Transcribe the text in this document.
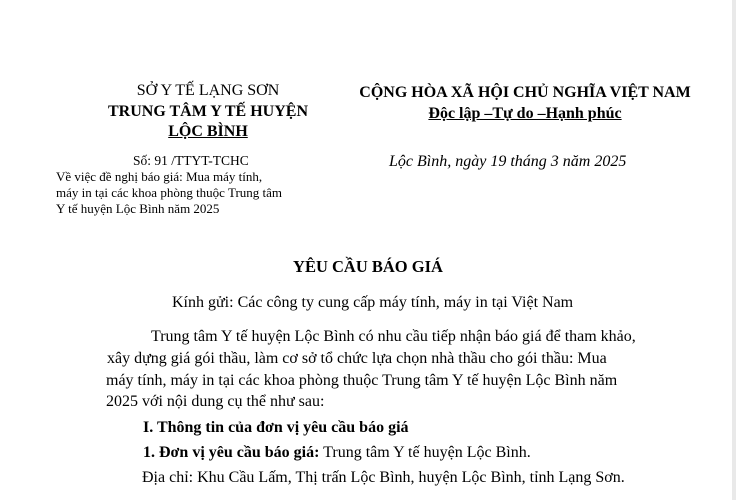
SỞ Y TẾ LẠNG SƠN
TRUNG TÂM Y TẾ HUYỆN
LỘC BÌNH
CỘNG HÒA XÃ HỘI CHỦ NGHĨA VIỆT NAM
Độc lập –Tự do –Hạnh phúc
Số: 91 /TTYT-TCHC
Về việc đề nghị báo giá: Mua máy tính,
máy in tại các khoa phòng thuộc Trung tâm
Y tế huyện Lộc Bình năm 2025
Lộc Bình, ngày 19 tháng 3 năm 2025
YÊU CẦU BÁO GIÁ
Kính gửi: Các công ty cung cấp máy tính, máy in tại Việt Nam
Trung tâm Y tế huyện Lộc Bình có nhu cầu tiếp nhận báo giá để tham khảo,
xây dựng giá gói thầu, làm cơ sở tổ chức lựa chọn nhà thầu cho gói thầu: Mua
máy tính, máy in tại các khoa phòng thuộc Trung tâm Y tế huyện Lộc Bình năm
2025 với nội dung cụ thể như sau:
I. Thông tin của đơn vị yêu cầu báo giá
1. Đơn vị yêu cầu báo giá: Trung tâm Y tế huyện Lộc Bình.
Địa chỉ: Khu Cầu Lấm, Thị trấn Lộc Bình, huyện Lộc Bình, tỉnh Lạng Sơn.
